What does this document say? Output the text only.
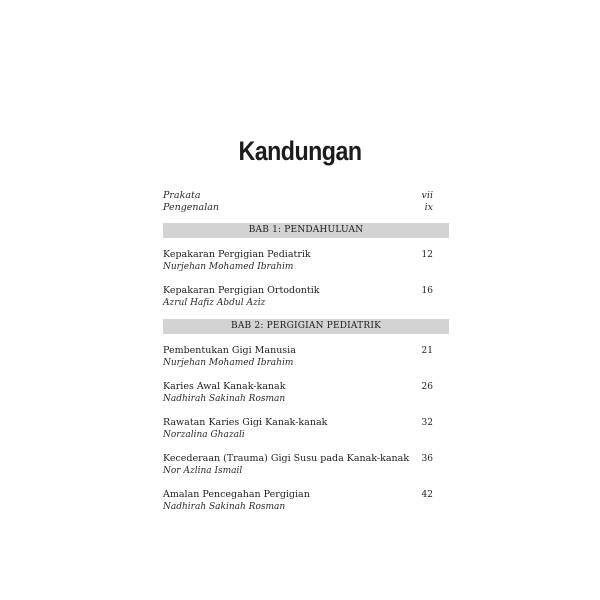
Kandungan
Prakata	vii
Pengenalan	ix
BAB 1: PENDAHULUAN
Kepakaran Pergigian Pediatrik
Nurjehan Mohamed Ibrahim
12
Kepakaran Pergigian Ortodontik
Azrul Hafiz Abdul Aziz
16
BAB 2: PERGIGIAN PEDIATRIK
Pembentukan Gigi Manusia
Nurjehan Mohamed Ibrahim
21
Karies Awal Kanak-kanak
Nadhirah Sakinah Rosman
26
Rawatan Karies Gigi Kanak-kanak
Norzalina Ghazali
32
Kecederaan (Trauma) Gigi Susu pada Kanak-kanak
Nor Azlina Ismail
36
Amalan Pencegahan Pergigian
Nadhirah Sakinah Rosman
42
